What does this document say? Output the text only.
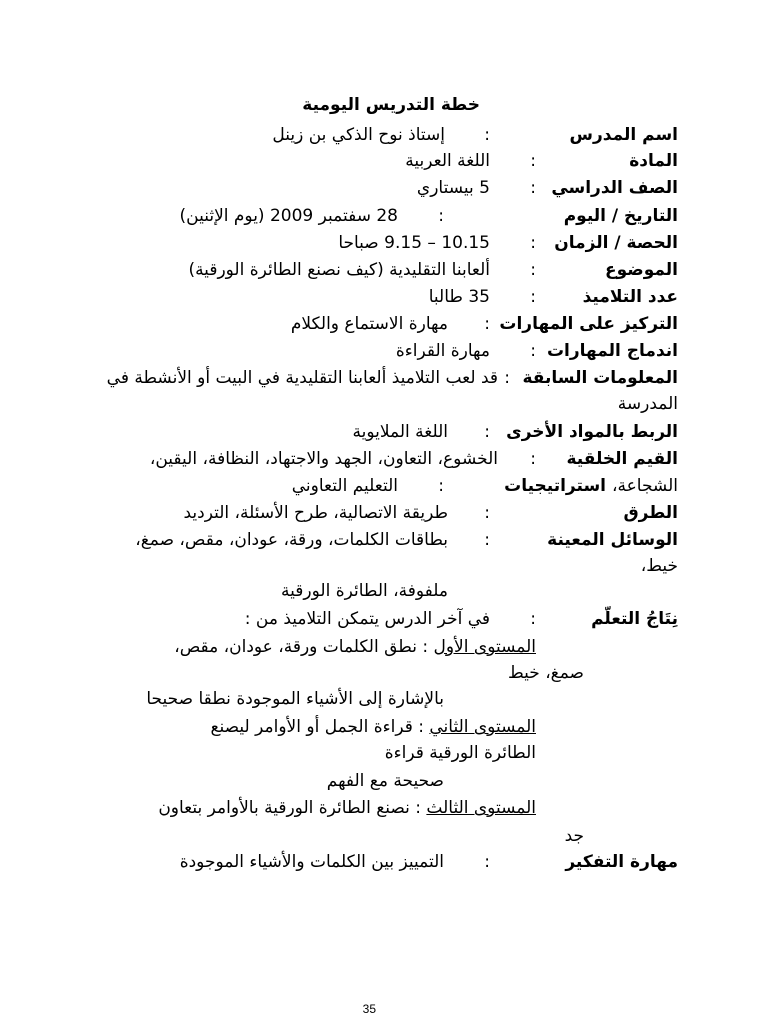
خطة التدريس اليومية
اسم المدرس
:
إستاذ نوح الذكي بن زينل
المادة
:
اللغة العربية
الصف الدراسي
:
5 بيستاري
التاريخ / اليوم
:
28 سفتمبر 2009 (يوم الإثنين)
الحصة / الزمان
:
10.15 – 9.15 صباحا
الموضوع
:
ألعابنا التقليدية (كيف نصنع الطائرة الورقية)
عدد التلاميذ
:
35 طالبا
التركيز على المهارات
:
مهارة الاستماع والكلام
اندماج المهارات
:
مهارة القراءة
المعلومات السابقة
:
قد لعب التلاميذ ألعابنا التقليدية في البيت أو الأنشطة في
المدرسة
الربط بالمواد الأخرى
:
اللغة الملايوية
القيم الخلقية
:
الخشوع، التعاون، الجهد والاجتهاد، النظافة، اليقين،
الشجاعة،
استراتيجيات
:
التعليم التعاوني
الطرق
:
طريقة الاتصالية، طرح الأسئلة، الترديد
الوسائل المعينة
:
بطاقات الكلمات، ورقة، عودان، مقص، صمغ،
خيط،
ملفوفة، الطائرة الورقية
نِتَاجُ التعلّم
:
في آخر الدرس يتمكن التلاميذ من :
المستوى الأول : نطق الكلمات ورقة، عودان، مقص،
صمغ، خيط
بالإشارة إلى الأشياء الموجودة نطقا صحيحا
المستوى الثاني : قراءة الجمل أو الأوامر ليصنع
الطائرة الورقية قراءة
صحيحة مع الفهم
المستوى الثالث : نصنع الطائرة الورقية بالأوامر بتعاون
جد
مهارة التفكير
:
التمييز بين الكلمات والأشياء الموجودة
35
